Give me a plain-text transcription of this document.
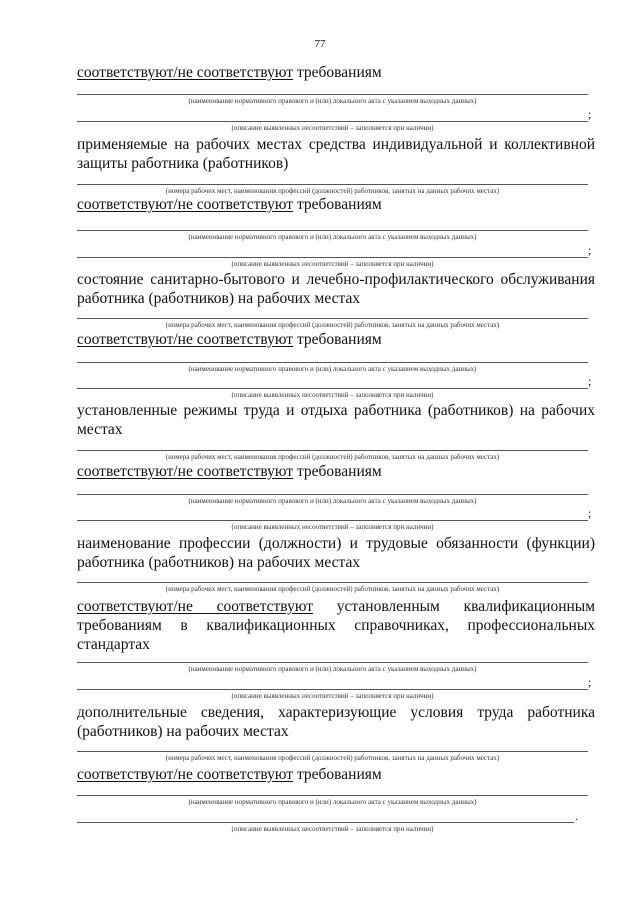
77
соответствуют/не соответствуют требованиям
(наименование нормативного правового и (или) локального акта с указанием выходных данных)
;
(описание выявленных несоответствий – заполняется при наличии)
применяемые на рабочих местах средства индивидуальной и коллективной
защиты работника (работников)
(номера рабочих мест, наименования профессий (должностей) работников, занятых на данных рабочих местах)
соответствуют/не соответствуют требованиям
(наименование нормативного правового и (или) локального акта с указанием выходных данных)
;
(описание выявленных несоответствий – заполняется при наличии)
состояние санитарно-бытового и лечебно-профилактического обслуживания
работника (работников) на рабочих местах
(номера рабочих мест, наименования профессий (должностей) работников, занятых на данных рабочих местах)
соответствуют/не соответствуют требованиям
(наименование нормативного правового и (или) локального акта с указанием выходных данных)
;
(описание выявленных несоответствий – заполняется при наличии)
установленные режимы труда и отдыха работника (работников) на рабочих
местах
(номера рабочих мест, наименования профессий (должностей) работников, занятых на данных рабочих местах)
соответствуют/не соответствуют требованиям
(наименование нормативного правового и (или) локального акта с указанием выходных данных)
;
(описание выявленных несоответствий – заполняется при наличии)
наименование профессии (должности) и трудовые обязанности (функции)
работника (работников) на рабочих местах
(номера рабочих мест, наименования профессий (должностей) работников, занятых на данных рабочих местах)
соответствуют/не соответствуют установленным квалификационным
требованиям в квалификационных справочниках, профессиональных
стандартах
(наименование нормативного правового и (или) локального акта с указанием выходных данных)
;
(описание выявленных несоответствий – заполняется при наличии)
дополнительные сведения, характеризующие условия труда работника
(работников) на рабочих местах
(номера рабочих мест, наименования профессий (должностей) работников, занятых на данных рабочих местах)
соответствуют/не соответствуют требованиям
(наименование нормативного правового и (или) локального акта с указанием выходных данных)
.
(описание выявленных несоответствий – заполняется при наличии)
